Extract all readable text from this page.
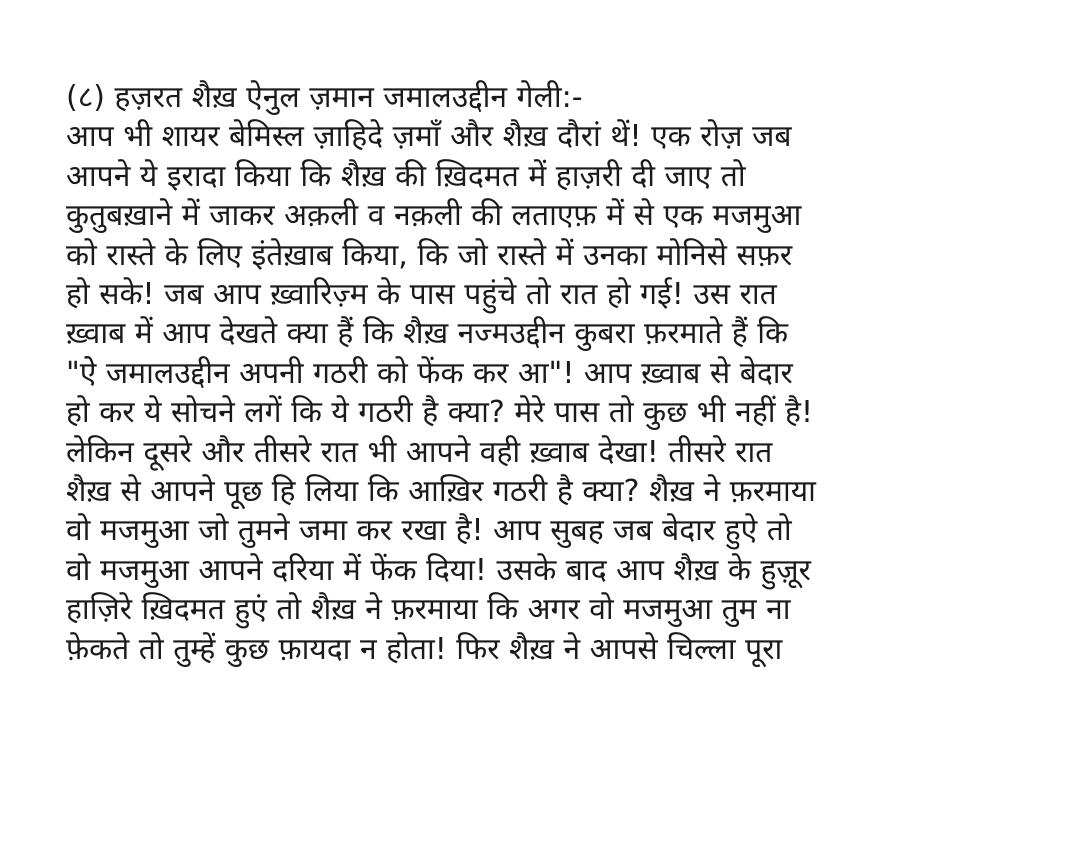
(८) हज़रत शैख़ ऐनुल ज़मान जमालउद्दीन गेली:-
आप भी शायर बेमिस्ल ज़ाहिदे ज़माँ और शैख़ दौरां थें! एक रोज़ जब
आपने ये इरादा किया कि शैख़ की ख़िदमत में हाज़री दी जाए तो
कुतुबख़ाने में जाकर अक़ली व नक़ली की लताएफ़ में से एक मजमुआ
को रास्ते के लिए इंतेख़ाब किया, कि जो रास्ते में उनका मोनिसे सफ़र
हो सके! जब आप ख़्वारिज़्म के पास पहुंचे तो रात हो गई! उस रात
ख़्वाब में आप देखते क्या हैं कि शैख़ नज्मउद्दीन कुबरा फ़रमाते हैं कि
"ऐे जमालउद्दीन अपनी गठरी को फेंक कर आ"! आप ख़्वाब से बेदार
हो कर ये सोचने लगें कि ये गठरी है क्या? मेरे पास तो कुछ भी नहीं है!
लेकिन दूसरे और तीसरे रात भी आपने वही ख़्वाब देखा! तीसरे रात
शैख़ से आपने पूछ हि लिया कि आख़िर गठरी है क्या? शैख़ ने फ़रमाया
वो मजमुआ जो तुमने जमा कर रखा है! आप सुबह जब बेदार हुऐ तो
वो मजमुआ आपने दरिया में फेंक दिया! उसके बाद आप शैख़ के हुज़ूर
हाज़िरे ख़िदमत हुएं तो शैख़ ने फ़रमाया कि अगर वो मजमुआ तुम ना
फ़ेकते तो तुम्हें कुछ फ़ायदा न होता! फिर शैख़ ने आपसे चिल्ला पूरा
